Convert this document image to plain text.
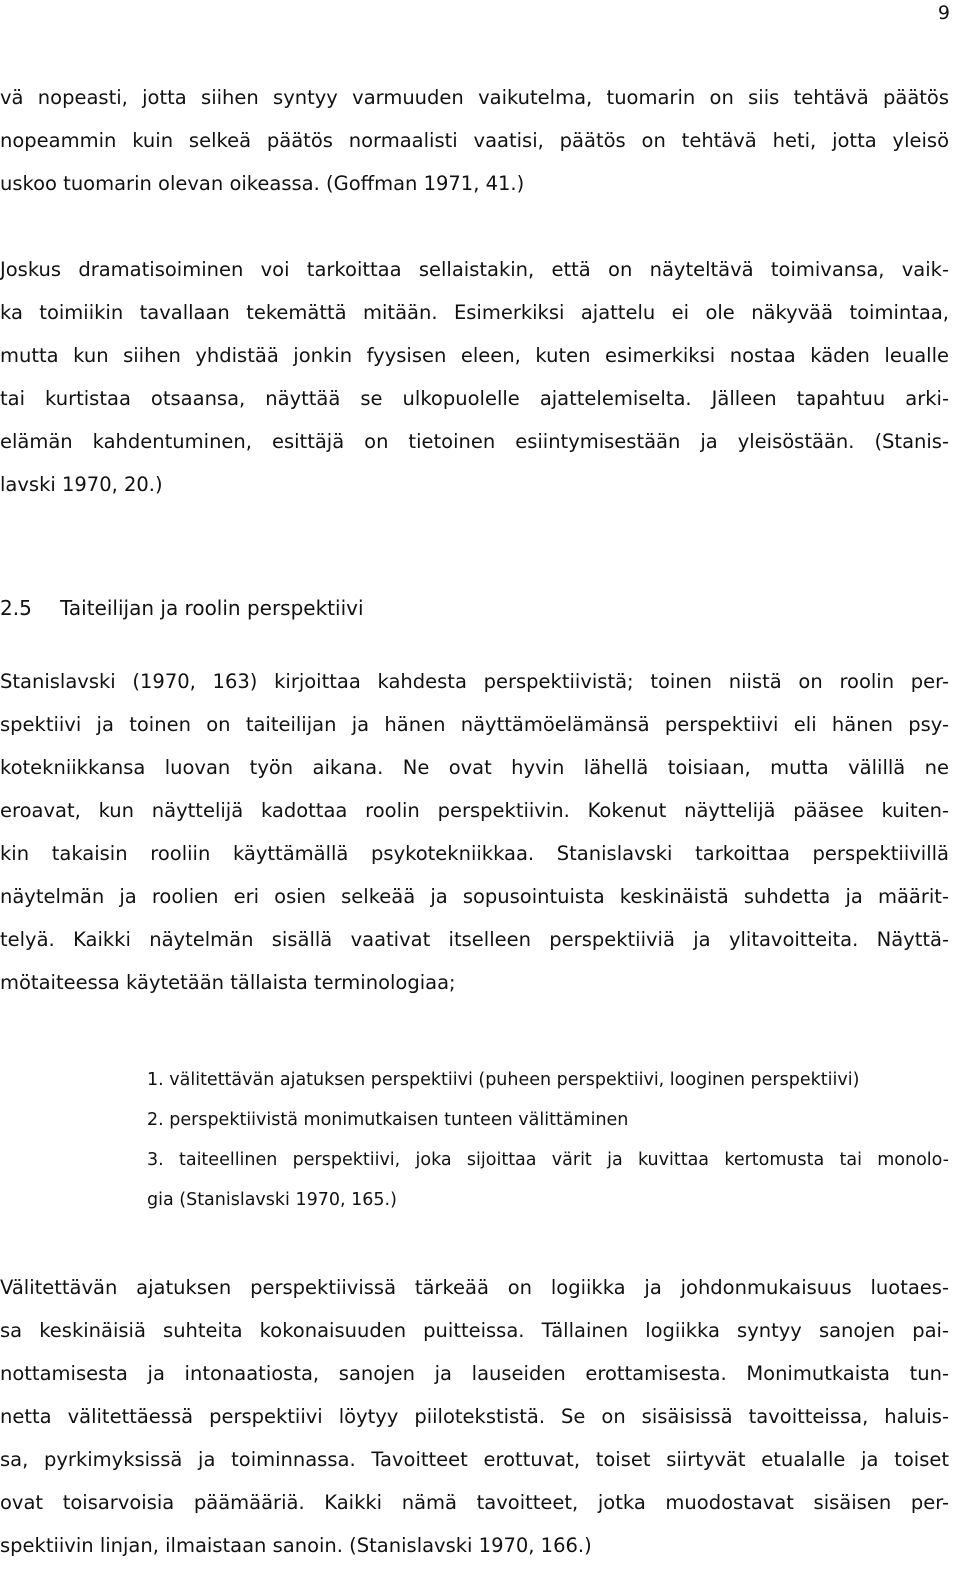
9
vä nopeasti, jotta siihen syntyy varmuuden vaikutelma, tuomarin on siis tehtävä päätös
nopeammin kuin selkeä päätös normaalisti vaatisi, päätös on tehtävä heti, jotta yleisö
uskoo tuomarin olevan oikeassa. (Goffman 1971, 41.)
Joskus dramatisoiminen voi tarkoittaa sellaistakin, että on näyteltävä toimivansa, vaik-
ka toimiikin tavallaan tekemättä mitään. Esimerkiksi ajattelu ei ole näkyvää toimintaa,
mutta kun siihen yhdistää jonkin fyysisen eleen, kuten esimerkiksi nostaa käden leualle
tai kurtistaa otsaansa, näyttää se ulkopuolelle ajattelemiselta. Jälleen tapahtuu arki-
elämän kahdentuminen, esittäjä on tietoinen esiintymisestään ja yleisöstään. (Stanis-
lavski 1970, 20.)
2.5 Taiteilijan ja roolin perspektiivi
Stanislavski (1970, 163) kirjoittaa kahdesta perspektiivistä; toinen niistä on roolin per-
spektiivi ja toinen on taiteilijan ja hänen näyttämöelämänsä perspektiivi eli hänen psy-
kotekniikkansa luovan työn aikana. Ne ovat hyvin lähellä toisiaan, mutta välillä ne
eroavat, kun näyttelijä kadottaa roolin perspektiivin. Kokenut näyttelijä pääsee kuiten-
kin takaisin rooliin käyttämällä psykotekniikkaa. Stanislavski tarkoittaa perspektiivillä
näytelmän ja roolien eri osien selkeää ja sopusointuista keskinäistä suhdetta ja määrit-
telyä. Kaikki näytelmän sisällä vaativat itselleen perspektiiviä ja ylitavoitteita. Näyttä-
mötaiteessa käytetään tällaista terminologiaa;
1. välitettävän ajatuksen perspektiivi (puheen perspektiivi, looginen perspektiivi)
2. perspektiivistä monimutkaisen tunteen välittäminen
3. taiteellinen perspektiivi, joka sijoittaa värit ja kuvittaa kertomusta tai monolo-
gia (Stanislavski 1970, 165.)
Välitettävän ajatuksen perspektiivissä tärkeää on logiikka ja johdonmukaisuus luotaes-
sa keskinäisiä suhteita kokonaisuuden puitteissa. Tällainen logiikka syntyy sanojen pai-
nottamisesta ja intonaatiosta, sanojen ja lauseiden erottamisesta. Monimutkaista tun-
netta välitettäessä perspektiivi löytyy piilotekstistä. Se on sisäisissä tavoitteissa, haluis-
sa, pyrkimyksissä ja toiminnassa. Tavoitteet erottuvat, toiset siirtyvät etualalle ja toiset
ovat toisarvoisia päämääriä. Kaikki nämä tavoitteet, jotka muodostavat sisäisen per-
spektiivin linjan, ilmaistaan sanoin. (Stanislavski 1970, 166.)
